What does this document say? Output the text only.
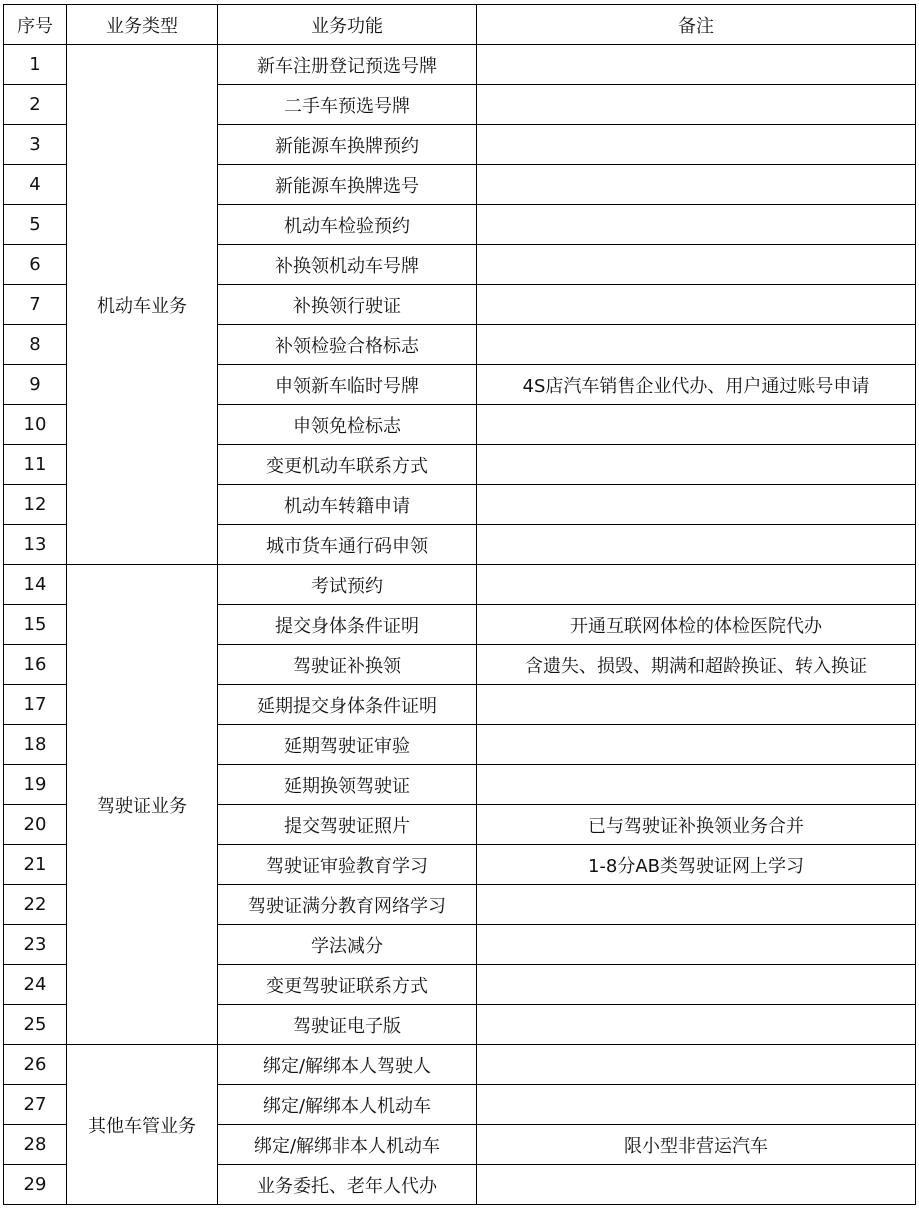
序号	业务类型	业务功能	备注
1	机动车业务	新车注册登记预选号牌	
2		二手车预选号牌	
3		新能源车换牌预约	
4		新能源车换牌选号	
5		机动车检验预约	
6		补换领机动车号牌	
7		补换领行驶证	
8		补领检验合格标志	
9		申领新车临时号牌	4S店汽车销售企业代办、用户通过账号申请
10		申领免检标志	
11		变更机动车联系方式	
12		机动车转籍申请	
13		城市货车通行码申领	
14	驾驶证业务	考试预约	
15		提交身体条件证明	开通互联网体检的体检医院代办
16		驾驶证补换领	含遗失、损毁、期满和超龄换证、转入换证
17		延期提交身体条件证明	
18		延期驾驶证审验	
19		延期换领驾驶证	
20		提交驾驶证照片	已与驾驶证补换领业务合并
21		驾驶证审验教育学习	1-8分AB类驾驶证网上学习
22		驾驶证满分教育网络学习	
23		学法减分	
24		变更驾驶证联系方式	
25		驾驶证电子版	
26	其他车管业务	绑定/解绑本人驾驶人	
27		绑定/解绑本人机动车	
28		绑定/解绑非本人机动车	限小型非营运汽车
29		业务委托、老年人代办	
